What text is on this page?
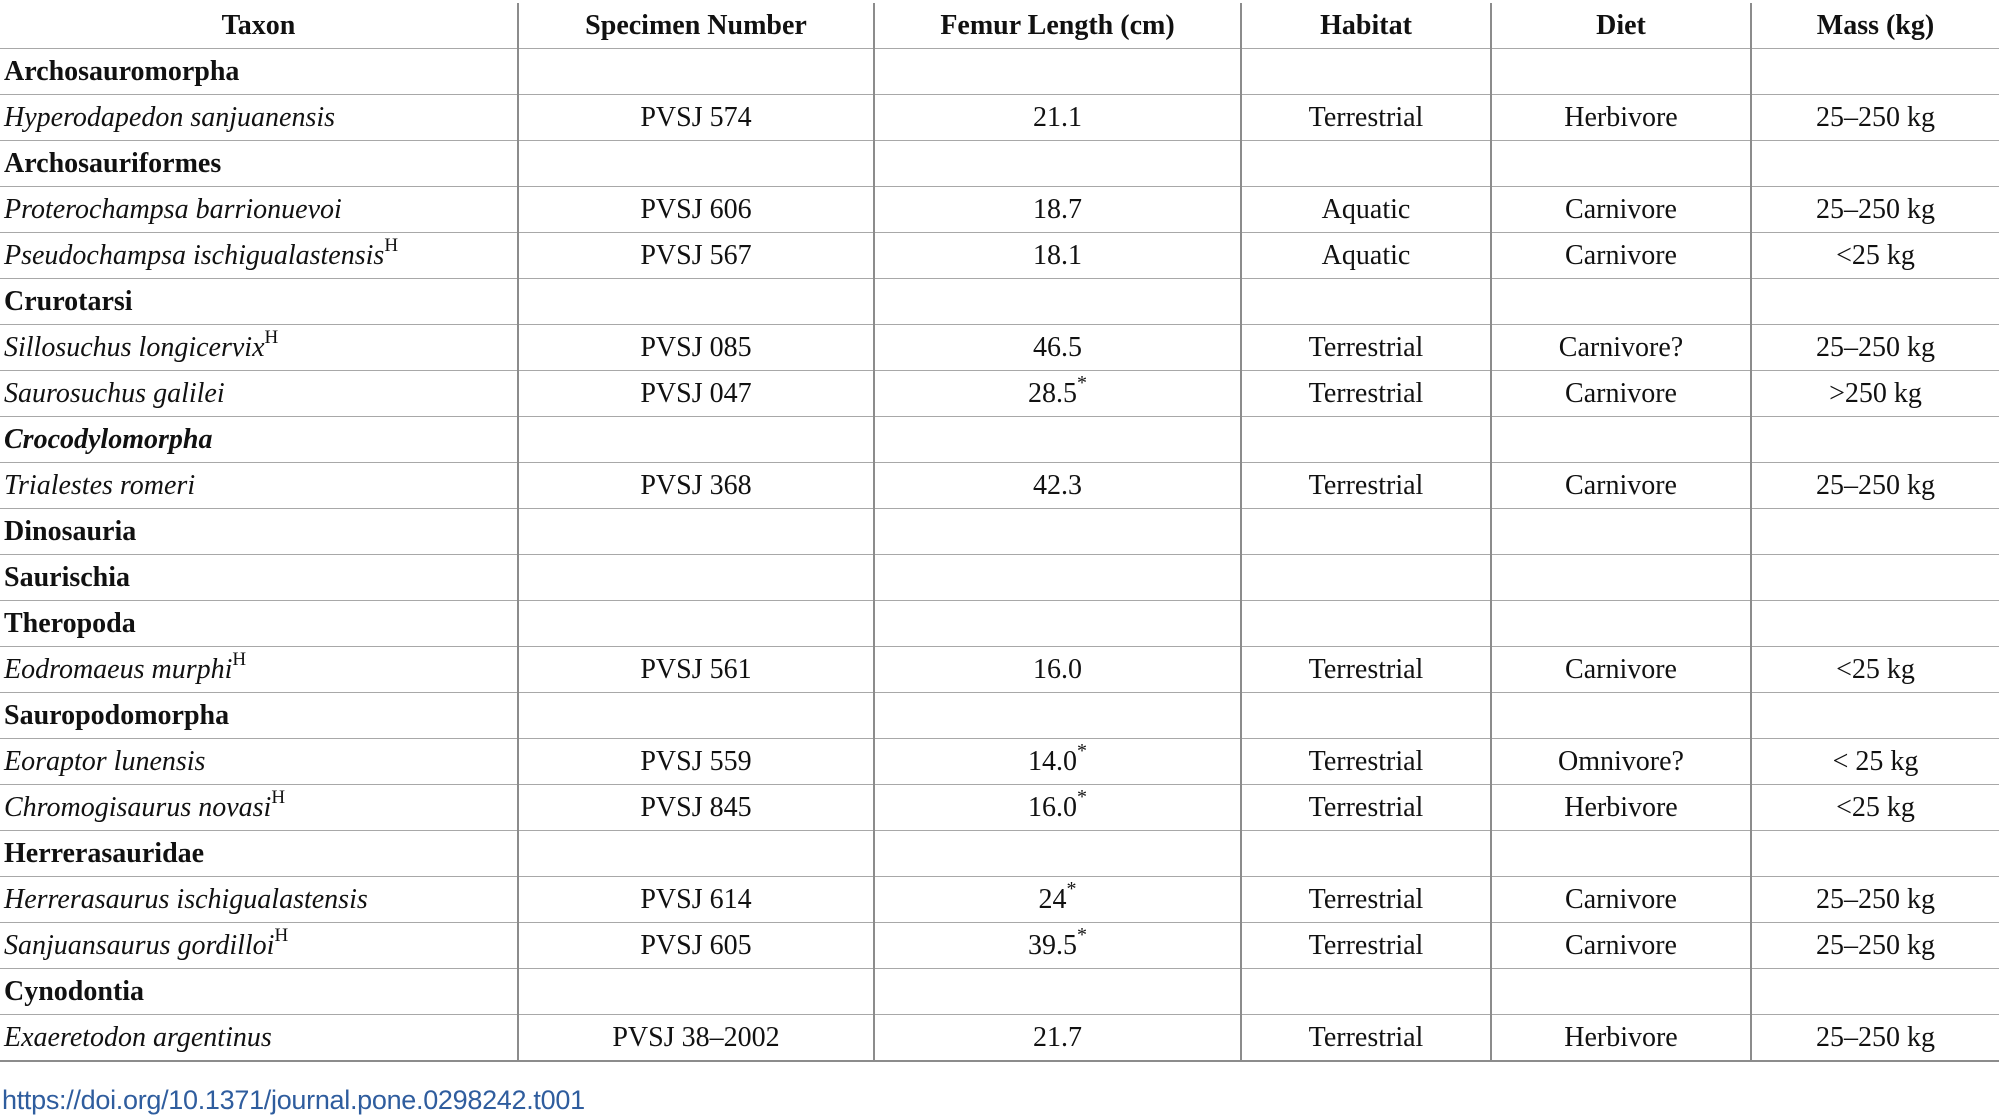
Taxon	Specimen Number	Femur Length (cm)	Habitat	Diet	Mass (kg)
Archosauromorpha					
Hyperodapedon sanjuanensis	PVSJ 574	21.1	Terrestrial	Herbivore	25–250 kg
Archosauriformes					
Proterochampsa barrionuevoi	PVSJ 606	18.7	Aquatic	Carnivore	25–250 kg
Pseudochampsa ischigualastensis$^H$	PVSJ 567	18.1	Aquatic	Carnivore	<25 kg
Crurotarsi					
Sillosuchus longicervix$^H$	PVSJ 085	46.5	Terrestrial	Carnivore?	25–250 kg
Saurosuchus galilei	PVSJ 047	28.5*	Terrestrial	Carnivore	>250 kg
Crocodylomorpha					
Trialestes romeri	PVSJ 368	42.3	Terrestrial	Carnivore	25–250 kg
Dinosauria					
Saurischia					
Theropoda					
Eodromaeus murphi$^H$	PVSJ 561	16.0	Terrestrial	Carnivore	<25 kg
Sauropodomorpha					
Eoraptor lunensis	PVSJ 559	14.0*	Terrestrial	Omnivore?	< 25 kg
Chromogisaurus novasi$^H$	PVSJ 845	16.0*	Terrestrial	Herbivore	<25 kg
Herrerasauridae					
Herrerasaurus ischigualastensis	PVSJ 614	24*	Terrestrial	Carnivore	25–250 kg
Sanjuansaurus gordilloi$^H$	PVSJ 605	39.5*	Terrestrial	Carnivore	25–250 kg
Cynodontia					
Exaeretodon argentinus	PVSJ 38–2002	21.7	Terrestrial	Herbivore	25–250 kg
https://doi.org/10.1371/journal.pone.0298242.t001
